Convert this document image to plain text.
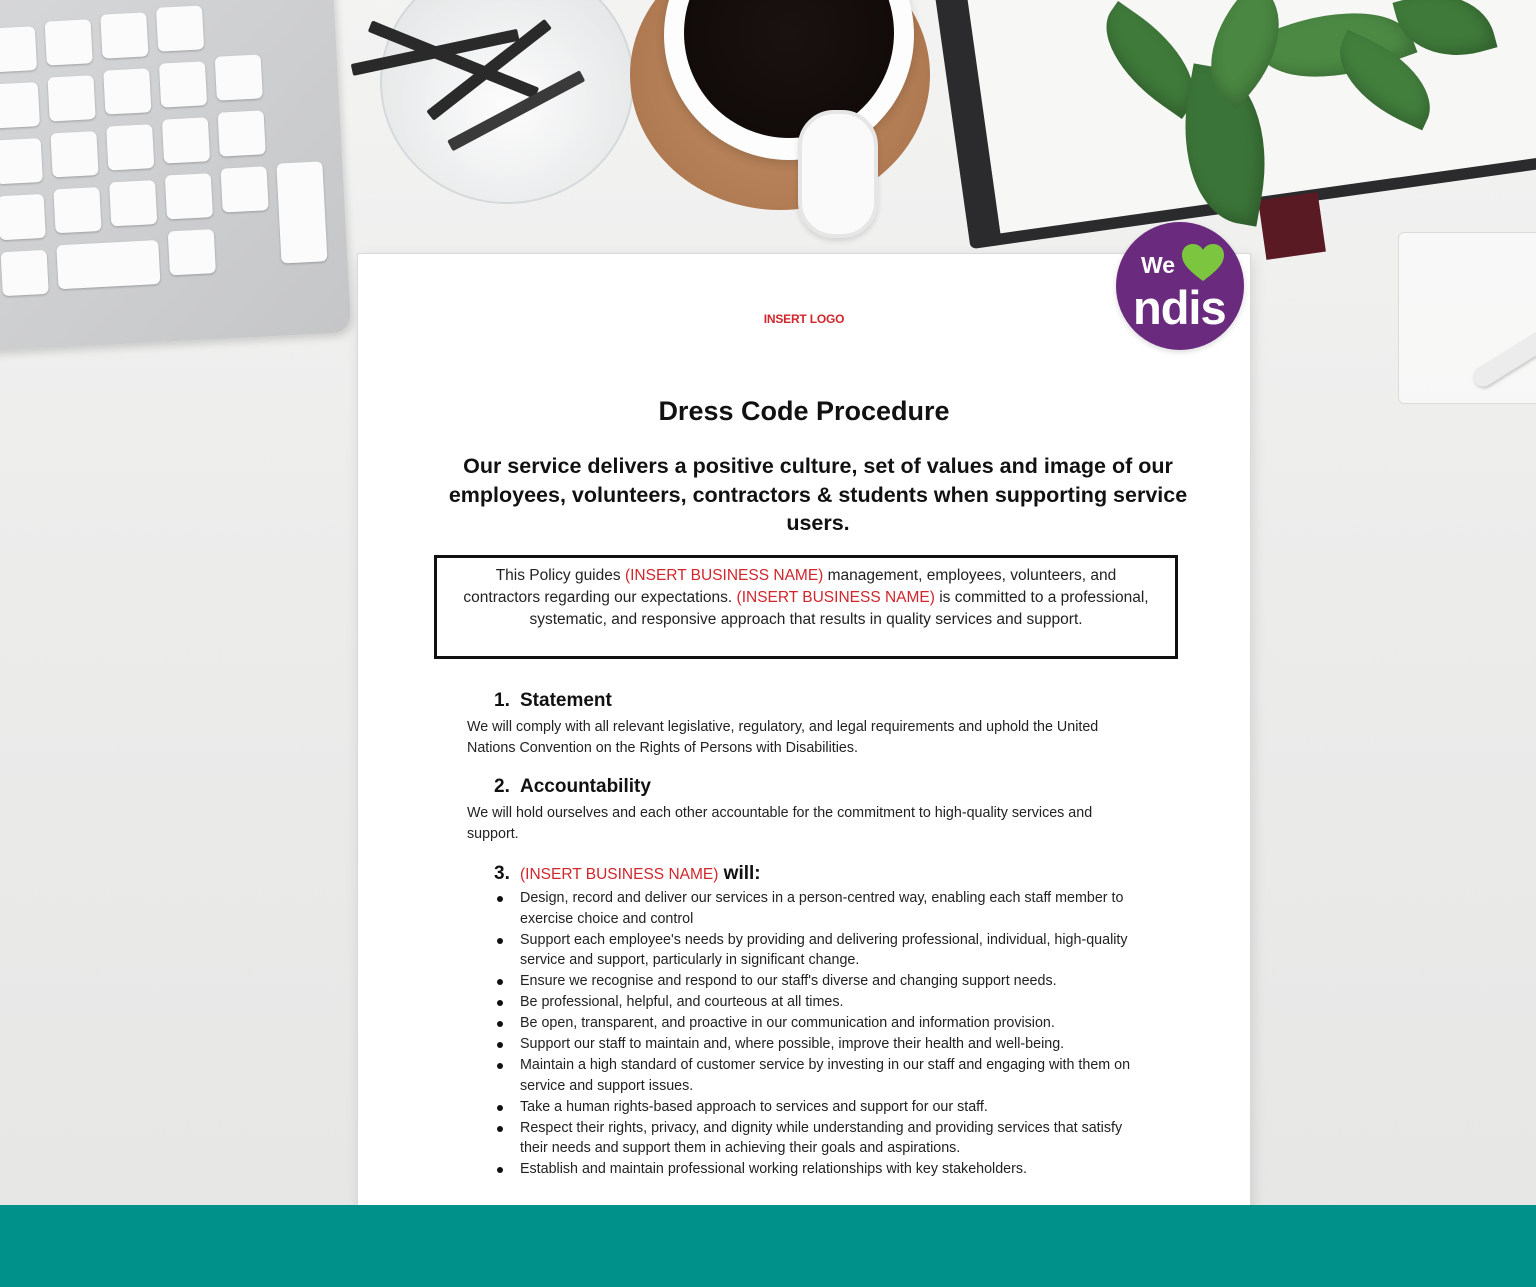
INSERT LOGO
Dress Code Procedure
Our service delivers a positive culture, set of values and image of our employees, volunteers, contractors & students when supporting service users.
This Policy guides (INSERT BUSINESS NAME) management, employees, volunteers, and contractors regarding our expectations. (INSERT BUSINESS NAME) is committed to a professional, systematic, and responsive approach that results in quality services and support.
1. Statement
We will comply with all relevant legislative, regulatory, and legal requirements and uphold the United Nations Convention on the Rights of Persons with Disabilities.
2. Accountability
We will hold ourselves and each other accountable for the commitment to high-quality services and support.
3. (INSERT BUSINESS NAME) will:
Design, record and deliver our services in a person-centred way, enabling each staff member to exercise choice and control
Support each employee's needs by providing and delivering professional, individual, high-quality service and support, particularly in significant change.
Ensure we recognise and respond to our staff's diverse and changing support needs.
Be professional, helpful, and courteous at all times.
Be open, transparent, and proactive in our communication and information provision.
Support our staff to maintain and, where possible, improve their health and well-being.
Maintain a high standard of customer service by investing in our staff and engaging with them on service and support issues.
Take a human rights-based approach to services and support for our staff.
Respect their rights, privacy, and dignity while understanding and providing services that satisfy their needs and support them in achieving their goals and aspirations.
Establish and maintain professional working relationships with key stakeholders.
We
ndis
